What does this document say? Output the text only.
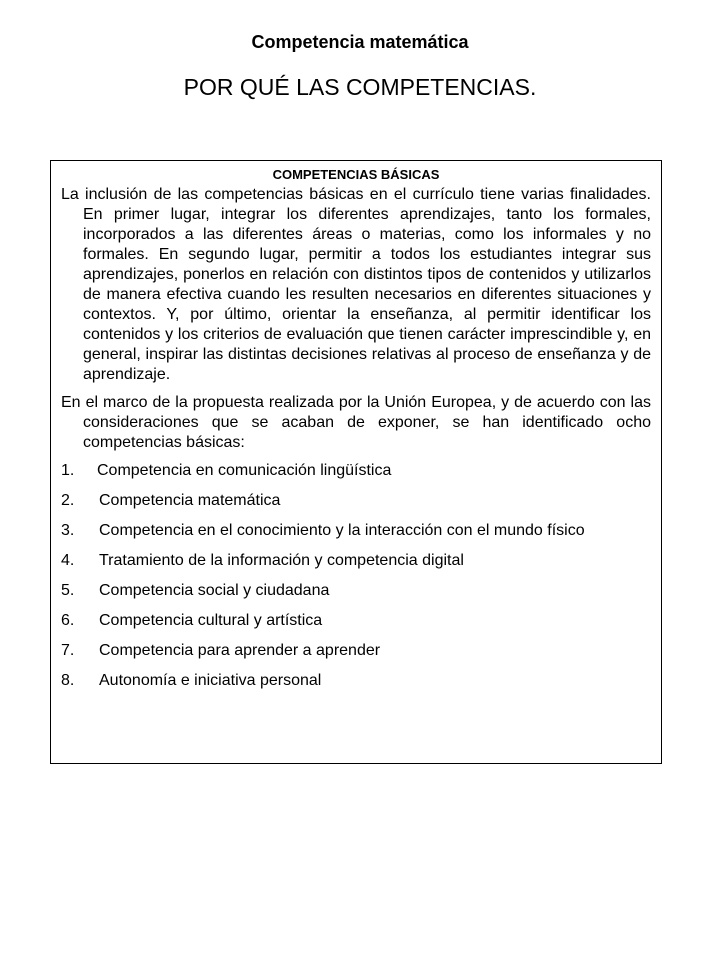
Competencia matemática
POR QUÉ LAS COMPETENCIAS.
COMPETENCIAS BÁSICAS

La inclusión de las competencias básicas en el currículo tiene varias finalidades. En primer lugar, integrar los diferentes aprendizajes, tanto los formales, incorporados a las diferentes áreas o materias, como los informales y no formales. En segundo lugar, permitir a todos los estudiantes integrar sus aprendizajes, ponerlos en relación con distintos tipos de contenidos y utilizarlos de manera efectiva cuando les resulten necesarios en diferentes situaciones y contextos. Y, por último, orientar la enseñanza, al permitir identificar los contenidos y los criterios de evaluación que tienen carácter imprescindible y, en general, inspirar las distintas decisiones relativas al proceso de enseñanza y de aprendizaje.

En el marco de la propuesta realizada por la Unión Europea, y de acuerdo con las consideraciones que se acaban de exponer, se han identificado ocho competencias básicas:

1.	Competencia en comunicación lingüística
2.	Competencia matemática
3.	Competencia en el conocimiento y la interacción con el mundo físico
4.	Tratamiento de la información y competencia digital
5.	Competencia social y ciudadana
6.	Competencia cultural y artística
7.	Competencia para aprender a aprender
8.	Autonomía e iniciativa personal
